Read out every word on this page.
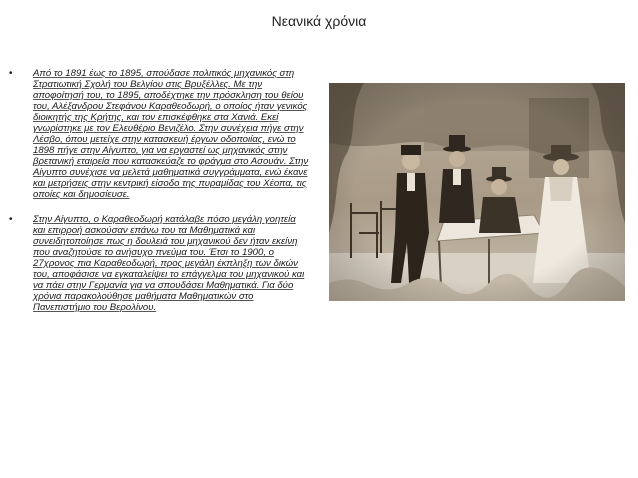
Νεανικά χρόνια
• Από το 1891 έως το 1895, σπούδασε πολιτικός μηχανικός στη Στρατιωτική Σχολή του Βελγίου στις Βρυξέλλες. Με την αποφοίτησή του, το 1895, αποδέχτηκε την πρόσκληση του θείου του, Αλέξανδρου Στεφάνου Καραθεοδωρή, ο οποίος ήταν γενικός διοικητής της Κρήτης, και τον επισκέφθηκε στα Χανιά. Εκεί γνωρίστηκε με τον Ελευθέριο Βενιζέλο. Στην συνέχεια πήγε στην Λέσβο, όπου μετείχε στην κατασκευή έργων οδοποιίας, ενώ το 1898 πήγε στην Αίγυπτο, για να εργαστεί ως μηχανικός στην βρετανική εταιρεία που κατασκεύαζε το φράγμα στο Ασουάν. Στην Αίγυπτο συνέχισε να μελετά μαθηματικά συγγράμματα, ενώ έκανε και μετρήσεις στην κεντρική είσοδο της πυραμίδας του Χέοπα, τις οποίες και δημοσίευσε.
• Στην Αίγυπτο, ο Καραθεοδωρή κατάλαβε πόσο μεγάλη γοητεία και επιρροή ασκούσαν επάνω του τα Μαθηματικά και συνειδητοποίησε πως η δουλειά του μηχανικού δεν ήταν εκείνη που αναζητούσε το ανήσυχο πνεύμα του. Έτσι το 1900, ο 27χρονος πια Καραθεοδωρή, προς μεγάλη έκπληξη των δικών του, αποφάσισε να εγκαταλείψει το επάγγελμα του μηχανικού και να πάει στην Γερμανία για να σπουδάσει Μαθηματικά. Για δύο χρόνια παρακολούθησε μαθήματα Μαθηματικών στο Πανεπιστήμιο του Βερολίνου.
